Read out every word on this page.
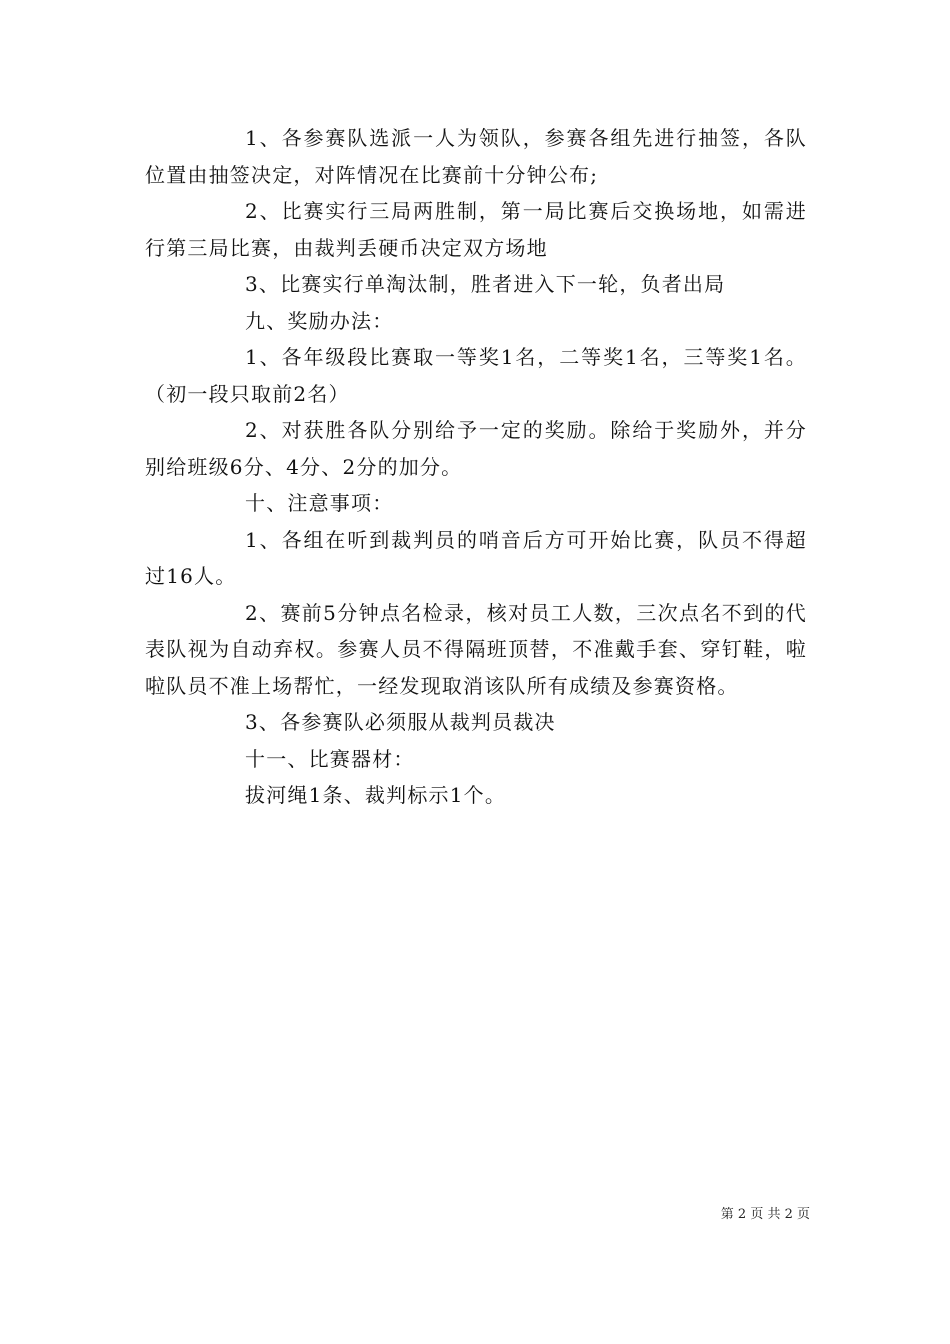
1、各参赛队选派一人为领队，参赛各组先进行抽签，各队位置由抽签决定，对阵情况在比赛前十分钟公布;

2、比赛实行三局两胜制，第一局比赛后交换场地，如需进行第三局比赛，由裁判丢硬币决定双方场地

3、比赛实行单淘汰制，胜者进入下一轮，负者出局

九、奖励办法：

1、各年级段比赛取一等奖1名，二等奖1名，三等奖1名。（初一段只取前2名）

2、对获胜各队分别给予一定的奖励。除给于奖励外，并分别给班级6分、4分、2分的加分。

十、注意事项：

1、各组在听到裁判员的哨音后方可开始比赛，队员不得超过16人。

2、赛前5分钟点名检录，核对员工人数，三次点名不到的代表队视为自动弃权。参赛人员不得隔班顶替，不准戴手套、穿钉鞋，啦啦队员不准上场帮忙，一经发现取消该队所有成绩及参赛资格。

3、各参赛队必须服从裁判员裁决

十一、比赛器材：

拔河绳1条、裁判标示1个。

第 2 页 共 2 页
